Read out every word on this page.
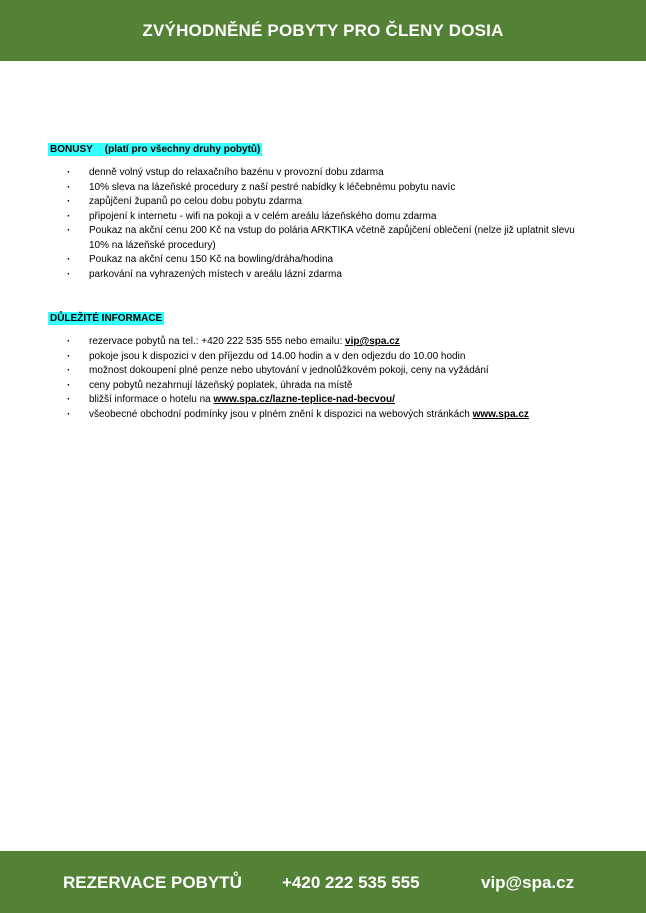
ZVÝHODNĚNÉ POBYTY PRO ČLENY DOSIA
BONUSY (platí pro všechny druhy pobytů)
· denně volný vstup do relaxačního bazénu v provozní dobu zdarma
· 10% sleva na lázeňské procedury z naší pestré nabídky k léčebnému pobytu navíc
· zapůjčení županů po celou dobu pobytu zdarma
· připojení k internetu - wifi na pokoji a v celém areálu lázeňského domu zdarma
· Poukaz na akční cenu 200 Kč na vstup do polária ARKTIKA včetně zapůjčení oblečení (nelze již uplatnit slevu 10% na lázeňské procedury)
· Poukaz na akční cenu 150 Kč na bowling/dráha/hodina
· parkování na vyhrazených místech v areálu lázní zdarma
DŮLEŽITÉ INFORMACE
· rezervace pobytů na tel.: +420 222 535 555 nebo emailu: vip@spa.cz
· pokoje jsou k dispozici v den příjezdu od 14.00 hodin a v den odjezdu do 10.00 hodin
· možnost dokoupení plné penze nebo ubytování v jednolůžkovém pokoji, ceny na vyžádání
· ceny pobytů nezahrnují lázeňský poplatek, úhrada na místě
· bližší informace o hotelu na www.spa.cz/lazne-teplice-nad-becvou/
· všeobecné obchodní podmínky jsou v plném znění k dispozici na webových stránkách www.spa.cz
REZERVACE POBYTŮ +420 222 535 555	vip@spa.cz
